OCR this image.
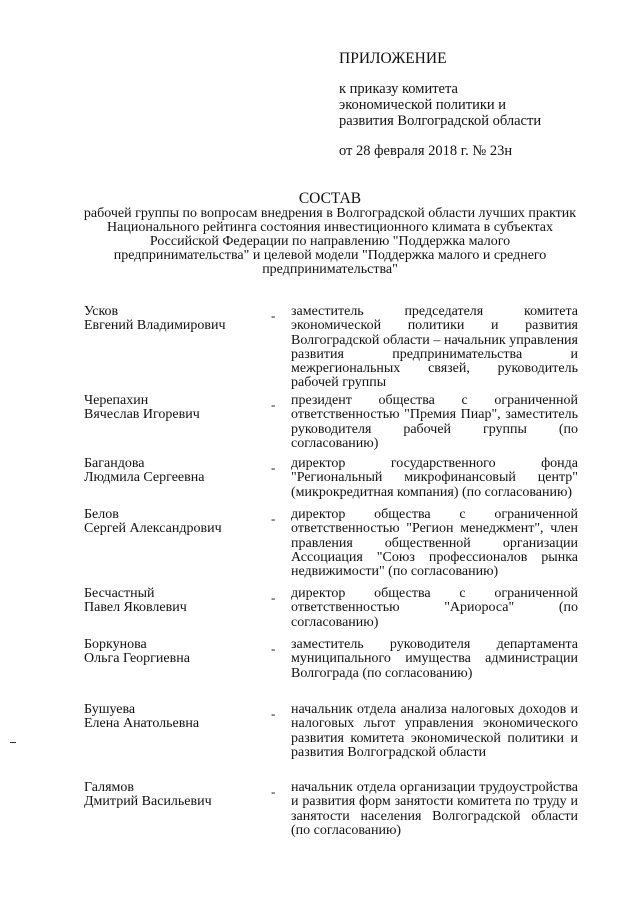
ПРИЛОЖЕНИЕ
к приказу комитета
экономической политики и
развития Волгоградской области
от 28 февраля 2018 г. № 23н
СОСТАВ
рабочей группы по вопросам внедрения в Волгоградской области лучших практик Национального рейтинга состояния инвестиционного климата в субъектах Российской Федерации по направлению "Поддержка малого предпринимательства" и целевой модели "Поддержка малого и среднего предпринимательства"
Усков
Евгений Владимирович
- заместитель председателя комитета экономической политики и развития Волгоградской области – начальник управления развития предпринимательства и межрегиональных связей, руководитель рабочей группы
Черепахин
Вячеслав Игоревич
- президент общества с ограниченной ответственностью "Премия Пиар", заместитель руководителя рабочей группы (по согласованию)
Багандова
Людмила Сергеевна
- директор государственного фонда "Региональный микрофинансовый центр" (микрокредитная компания) (по согласованию)
Белов
Сергей Александрович
- директор общества с ограниченной ответственностью "Регион менеджмент", член правления общественной организации Ассоциация "Союз профессионалов рынка недвижимости" (по согласованию)
Бесчастный
Павел Яковлевич
- директор общества с ограниченной ответственностью "Ариороса" (по согласованию)
Боркунова
Ольга Георгиевна
- заместитель руководителя департамента муниципального имущества администрации Волгограда (по согласованию)
Бушуева
Елена Анатольевна
- начальник отдела анализа налоговых доходов и налоговых льгот управления экономического развития комитета экономической политики и развития Волгоградской области
Галямов
Дмитрий Васильевич
- начальник отдела организации трудоустройства и развития форм занятости комитета по труду и занятости населения Волгоградской области (по согласованию)
